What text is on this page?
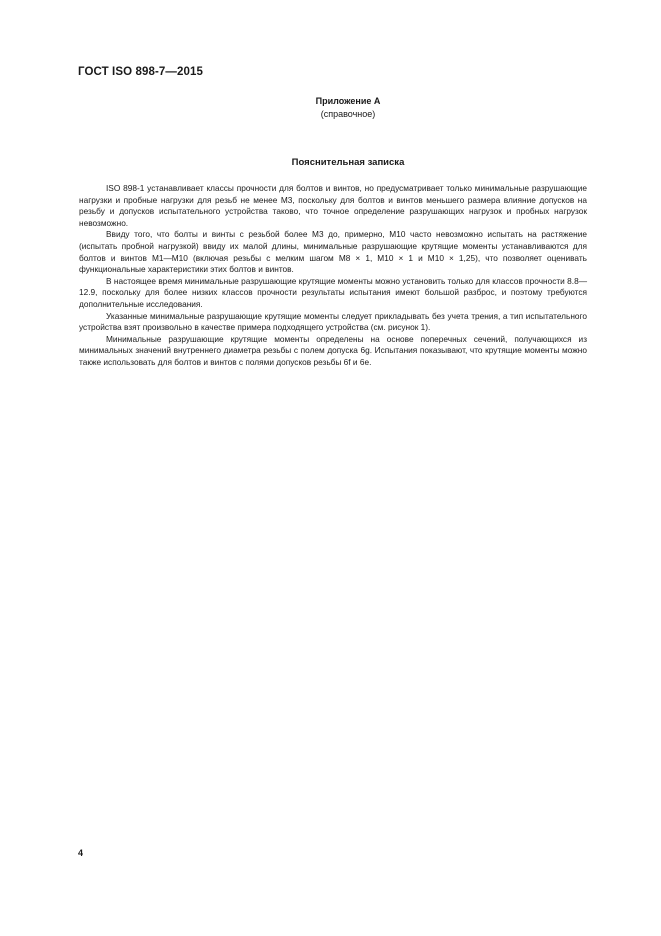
ГОСТ ISO 898-7—2015
Приложение А
(справочное)
Пояснительная записка

ISO 898-1 устанавливает классы прочности для болтов и винтов, но предусматривает только минимальные разрушающие нагрузки и пробные нагрузки для резьб не менее М3, поскольку для болтов и винтов меньшего размера влияние допусков на резьбу и допусков испытательного устройства таково, что точное определение разрушающих нагрузок и пробных нагрузок невозможно.

Ввиду того, что болты и винты с резьбой более М3 до, примерно, М10 часто невозможно испытать на растяжение (испытать пробной нагрузкой) ввиду их малой длины, минимальные разрушающие крутящие моменты устанавливаются для болтов и винтов М1—М10 (включая резьбы с мелким шагом М8 × 1, М10 × 1 и М10 × 1,25), что позволяет оценивать функциональные характеристики этих болтов и винтов.

В настоящее время минимальные разрушающие крутящие моменты можно установить только для классов прочности 8.8—12.9, поскольку для более низких классов прочности результаты испытания имеют большой разброс, и поэтому требуются дополнительные исследования.

Указанные минимальные разрушающие крутящие моменты следует прикладывать без учета трения, а тип испытательного устройства взят произвольно в качестве примера подходящего устройства (см. рисунок 1).

Минимальные разрушающие крутящие моменты определены на основе поперечных сечений, получающихся из минимальных значений внутреннего диаметра резьбы с полем допуска 6g. Испытания показывают, что крутящие моменты можно также использовать для болтов и винтов с полями допусков резьбы 6f и 6e.

4
